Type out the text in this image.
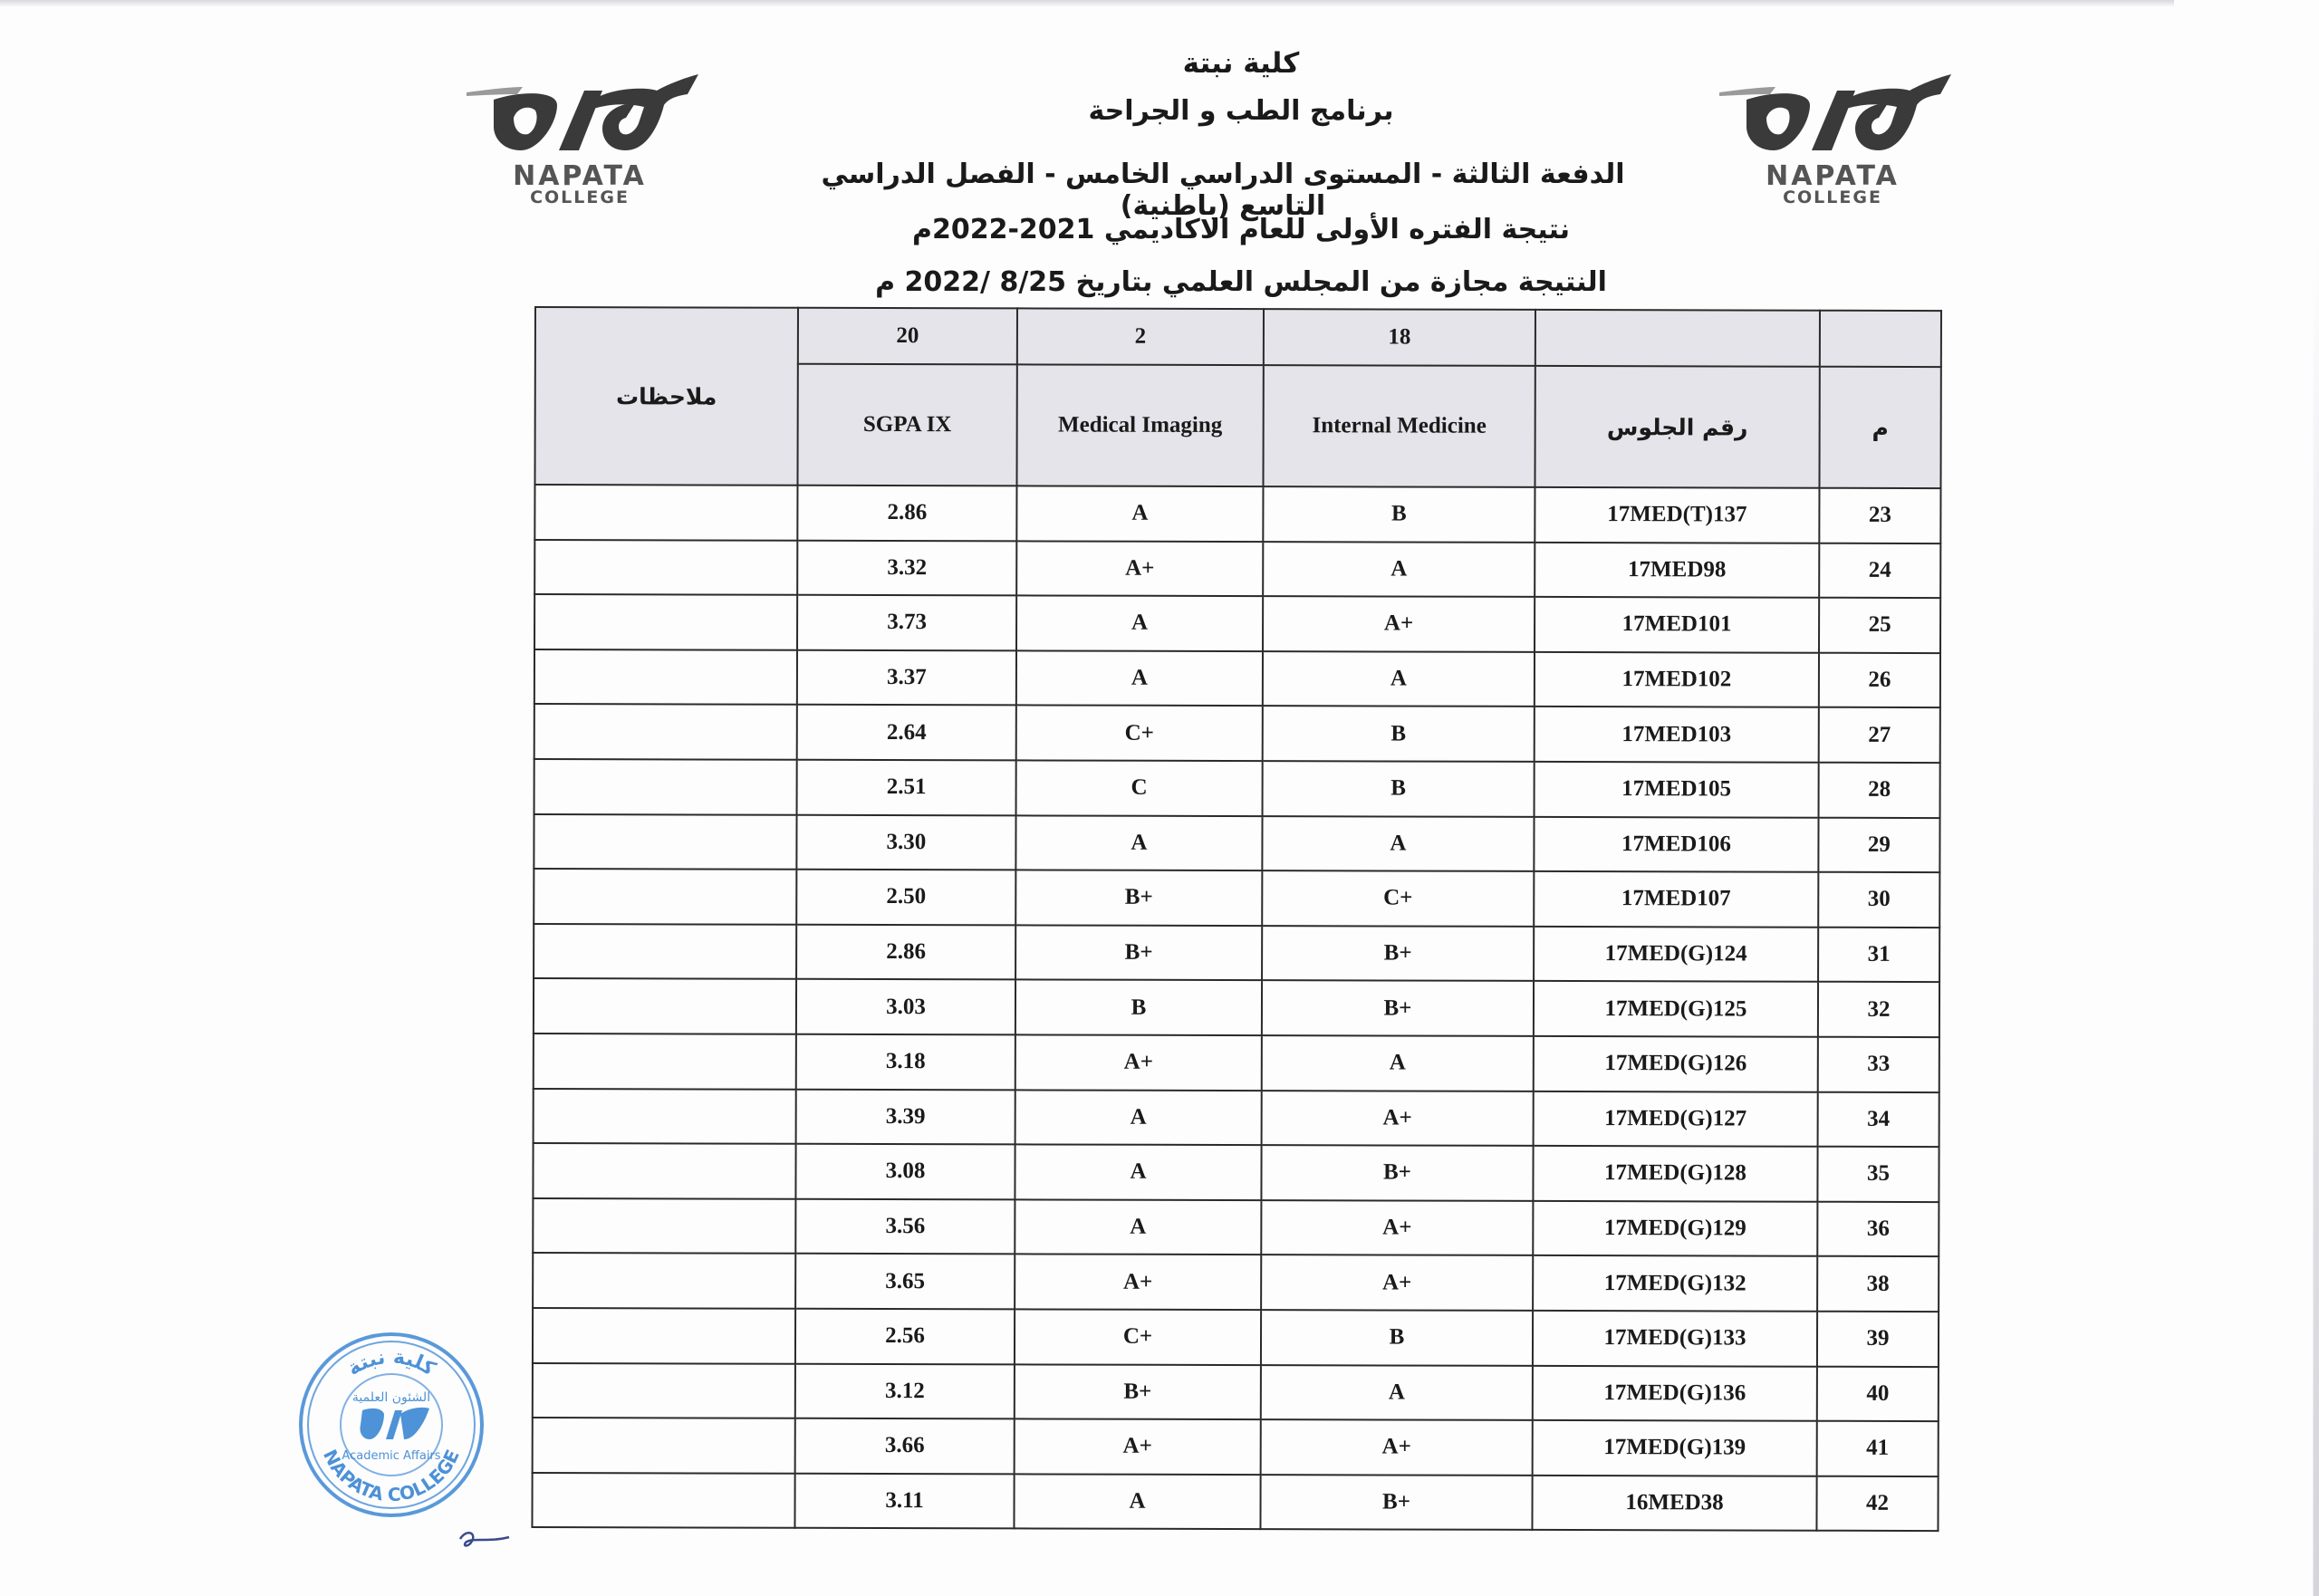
NAPATA
COLLEGE
NAPATA
COLLEGE
كلية نبتة
برنامج الطب و الجراحة
الدفعة الثالثة - المستوى الدراسي الخامس - الفصل الدراسي التاسع (باطنية)
نتيجة الفتره الأولى للعام الاكاديمي 2021-2022م
النتيجة مجازة من المجلس العلمي بتاريخ 8/25 /2022 م
ملاحظات	20	2	18		
	SGPA IX	Medical Imaging	Internal Medicine	رقم الجلوس	م
	2.86	A	B	17MED(T)137	23
	3.32	A+	A	17MED98	24
	3.73	A	A+	17MED101	25
	3.37	A	A	17MED102	26
	2.64	C+	B	17MED103	27
	2.51	C	B	17MED105	28
	3.30	A	A	17MED106	29
	2.50	B+	C+	17MED107	30
	2.86	B+	B+	17MED(G)124	31
	3.03	B	B+	17MED(G)125	32
	3.18	A+	A	17MED(G)126	33
	3.39	A	A+	17MED(G)127	34
	3.08	A	B+	17MED(G)128	35
	3.56	A	A+	17MED(G)129	36
	3.65	A+	A+	17MED(G)132	38
	2.56	C+	B	17MED(G)133	39
	3.12	B+	A	17MED(G)136	40
	3.66	A+	A+	17MED(G)139	41
	3.11	A	B+	16MED38	42
كلية نبتة
الشئون العلمية
Academic Affairs
NAPATA COLLEGE
